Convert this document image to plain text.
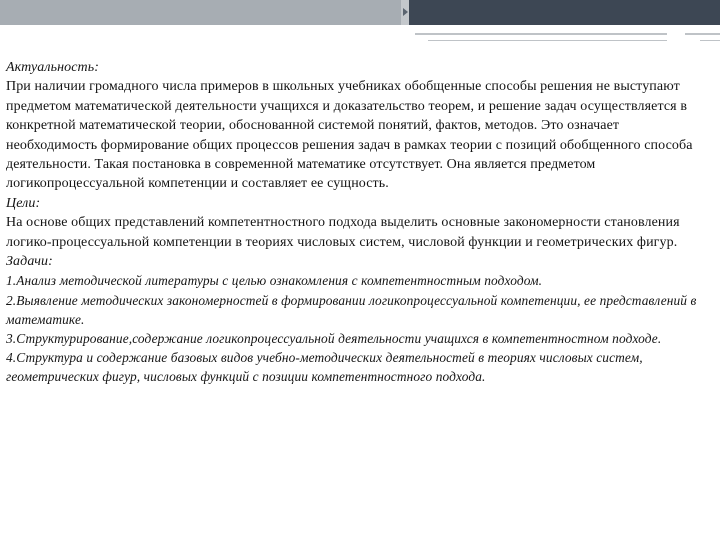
Актуальность:

При наличии громадного числа примеров в школьных учебниках обобщенные способы решения не выступают предметом математической деятельности учащихся и доказательство теорем, и решение задач осуществляется в конкретной математической теории, обоснованной системой понятий, фактов, методов. Это означает необходимость формирование общих процессов решения задач в рамках теории с позиций обобщенного способа деятельности. Такая постановка в современной математике отсутствует. Она является предметом логикопроцессуальной компетенции и составляет ее сущность.

Цели:

На основе общих представлений компетентностного подхода выделить основные закономерности становления логико-процессуальной компетенции в теориях числовых систем, числовой функции и геометрических фигур.

Задачи:

1.Анализ методической литературы с целью ознакомления с компетентностным подходом.

2.Выявление методических закономерностей в формировании логикопроцессуальной компетенции, ее представлений в математике.

3.Структурирование,содержание логикопроцессуальной деятельности учащихся в компетентностном подходе.

4.Структура и содержание базовых видов учебно-методических деятельностей в теориях числовых систем, геометрических фигур, числовых функций с позиции компетентностного подхода.
